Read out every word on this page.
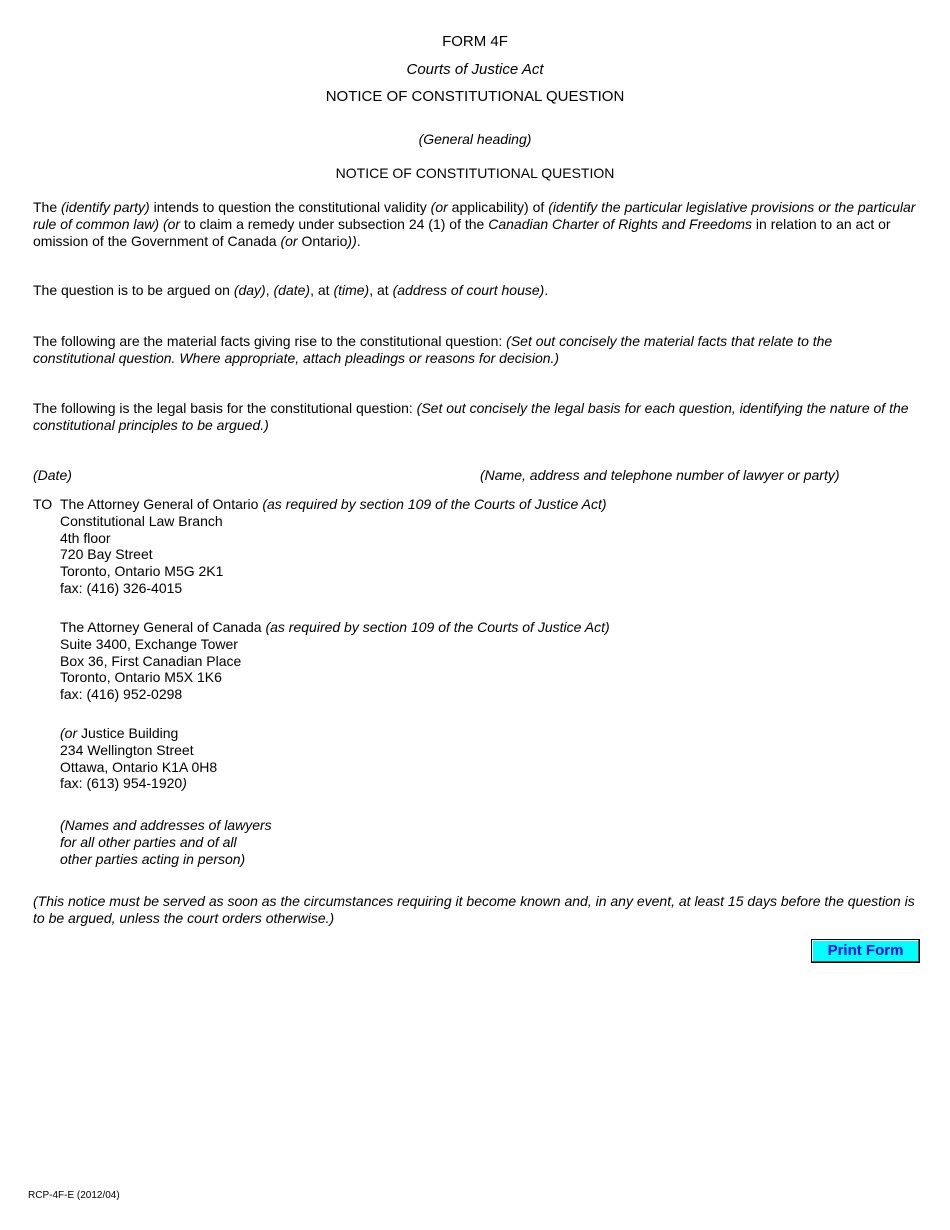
FORM 4F
Courts of Justice Act
NOTICE OF CONSTITUTIONAL QUESTION
(General heading)
NOTICE OF CONSTITUTIONAL QUESTION

The (identify party) intends to question the constitutional validity (or applicability) of (identify the particular legislative provisions or the particular rule of common law) (or to claim a remedy under subsection 24 (1) of the Canadian Charter of Rights and Freedoms in relation to an act or omission of the Government of Canada (or Ontario)).

The question is to be argued on (day), (date), at (time), at (address of court house).

The following are the material facts giving rise to the constitutional question: (Set out concisely the material facts that relate to the constitutional question. Where appropriate, attach pleadings or reasons for decision.)

The following is the legal basis for the constitutional question: (Set out concisely the legal basis for each question, identifying the nature of the constitutional principles to be argued.)

(Date)	(Name, address and telephone number of lawyer or party)
TO The Attorney General of Ontario (as required by section 109 of the Courts of Justice Act)
Constitutional Law Branch
4th floor
720 Bay Street
Toronto, Ontario M5G 2K1
fax: (416) 326-4015
The Attorney General of Canada (as required by section 109 of the Courts of Justice Act)
Suite 3400, Exchange Tower
Box 36, First Canadian Place
Toronto, Ontario M5X 1K6
fax: (416) 952-0298
(or Justice Building
234 Wellington Street
Ottawa, Ontario K1A 0H8
fax: (613) 954-1920)
(Names and addresses of lawyers
for all other parties and of all
other parties acting in person)

(This notice must be served as soon as the circumstances requiring it become known and, in any event, at least 15 days before the question is to be argued, unless the court orders otherwise.)

Print Form
RCP-4F-E (2012/04)
